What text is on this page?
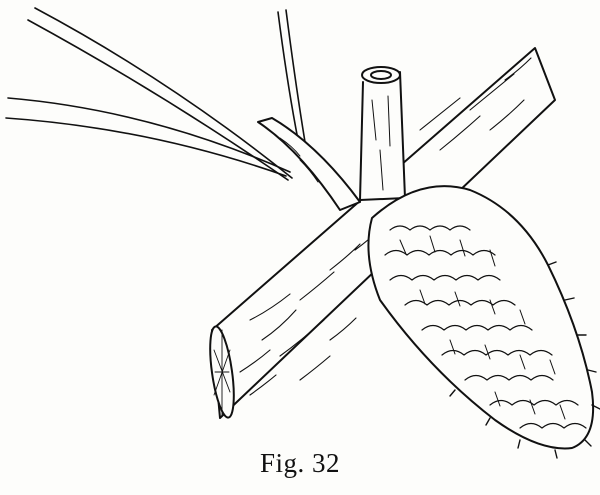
Fig. 32
